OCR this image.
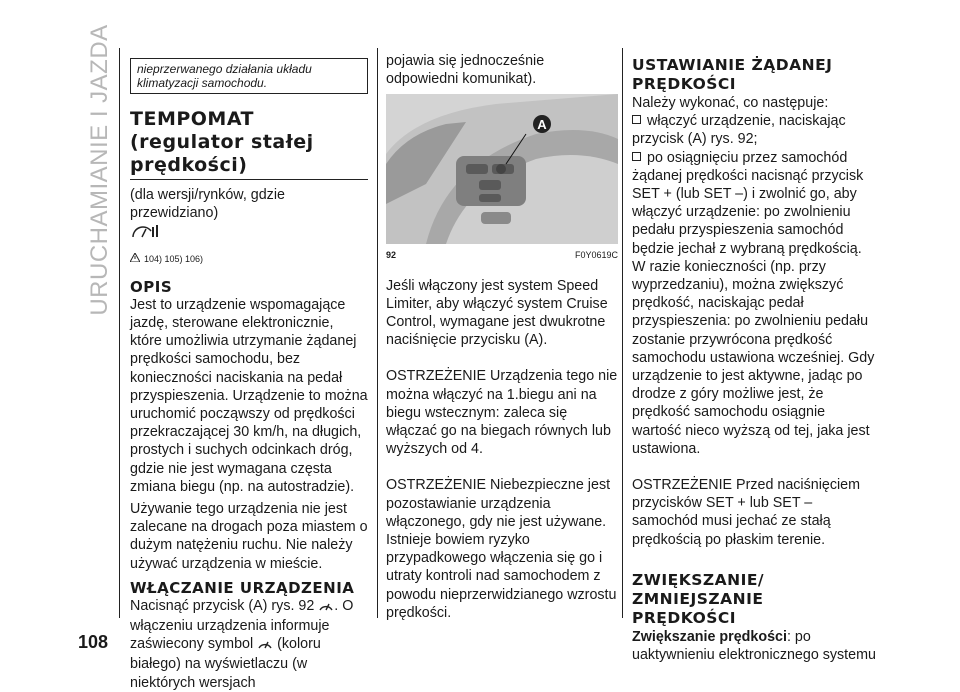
URUCHAMIANIE I JAZDA
108
nieprzerwanego działania układu klimatyzacji samochodu.
TEMPOMAT
(regulator stałej
prędkości)

(dla wersji/rynków, gdzie przewidziano)

104) 105) 106)
OPIS

Jest to urządzenie wspomagające jazdę, sterowane elektronicznie, które umożliwia utrzymanie żądanej prędkości samochodu, bez konieczności naciskania na pedał przyspieszenia. Urządzenie to można uruchomić począwszy od prędkości przekraczającej 30 km/h, na długich, prostych i suchych odcinkach dróg, gdzie nie jest wymagana częsta zmiana biegu (np. na autostradzie).

Używanie tego urządzenia nie jest zalecane na drogach poza miastem o dużym natężeniu ruchu. Nie należy używać urządzenia w mieście.

WŁĄCZANIE URZĄDZENIA

Nacisnąć przycisk (A) rys. 92 . O włączeniu urządzenia informuje zaświecony symbol (koloru białego) na wyświetlaczu (w niektórych wersjach

pojawia się jednocześnie odpowiedni komunikat).

A
92	F0Y0619C

Jeśli włączony jest system Speed Limiter, aby włączyć system Cruise Control, wymagane jest dwukrotne naciśnięcie przycisku (A).

OSTRZEŻENIE Urządzenia tego nie można włączyć na 1.biegu ani na biegu wstecznym: zaleca się włączać go na biegach równych lub wyższych od 4.

OSTRZEŻENIE Niebezpieczne jest pozostawianie urządzenia włączonego, gdy nie jest używane. Istnieje bowiem ryzyko przypadkowego włączenia się go i utraty kontroli nad samochodem z powodu nieprzerwidzianego wzrostu prędkości.

USTAWIANIE ŻĄDANEJ
PRĘDKOŚCI

Należy wykonać, co następuje:

włączyć urządzenie, naciskając przycisk (A) rys. 92;

po osiągnięciu przez samochód żądanej prędkości nacisnąć przycisk SET + (lub SET –) i zwolnić go, aby włączyć urządzenie: po zwolnieniu pedału przyspieszenia samochód będzie jechał z wybraną prędkością. W razie konieczności (np. przy wyprzedzaniu), można zwiększyć prędkość, naciskając pedał przyspieszenia: po zwolnieniu pedału zostanie przywrócona prędkość samochodu ustawiona wcześniej. Gdy urządzenie to jest aktywne, jadąc po drodze z góry możliwe jest, że prędkość samochodu osiągnie wartość nieco wyższą od tej, jaka jest ustawiona.

OSTRZEŻENIE Przed naciśnięciem przycisków SET + lub SET – samochód musi jechać ze stałą prędkością po płaskim terenie.

ZWIĘKSZANIE/
ZMNIEJSZANIE
PRĘDKOŚCI

Zwiększanie prędkości: po uaktywnieniu elektronicznego systemu
